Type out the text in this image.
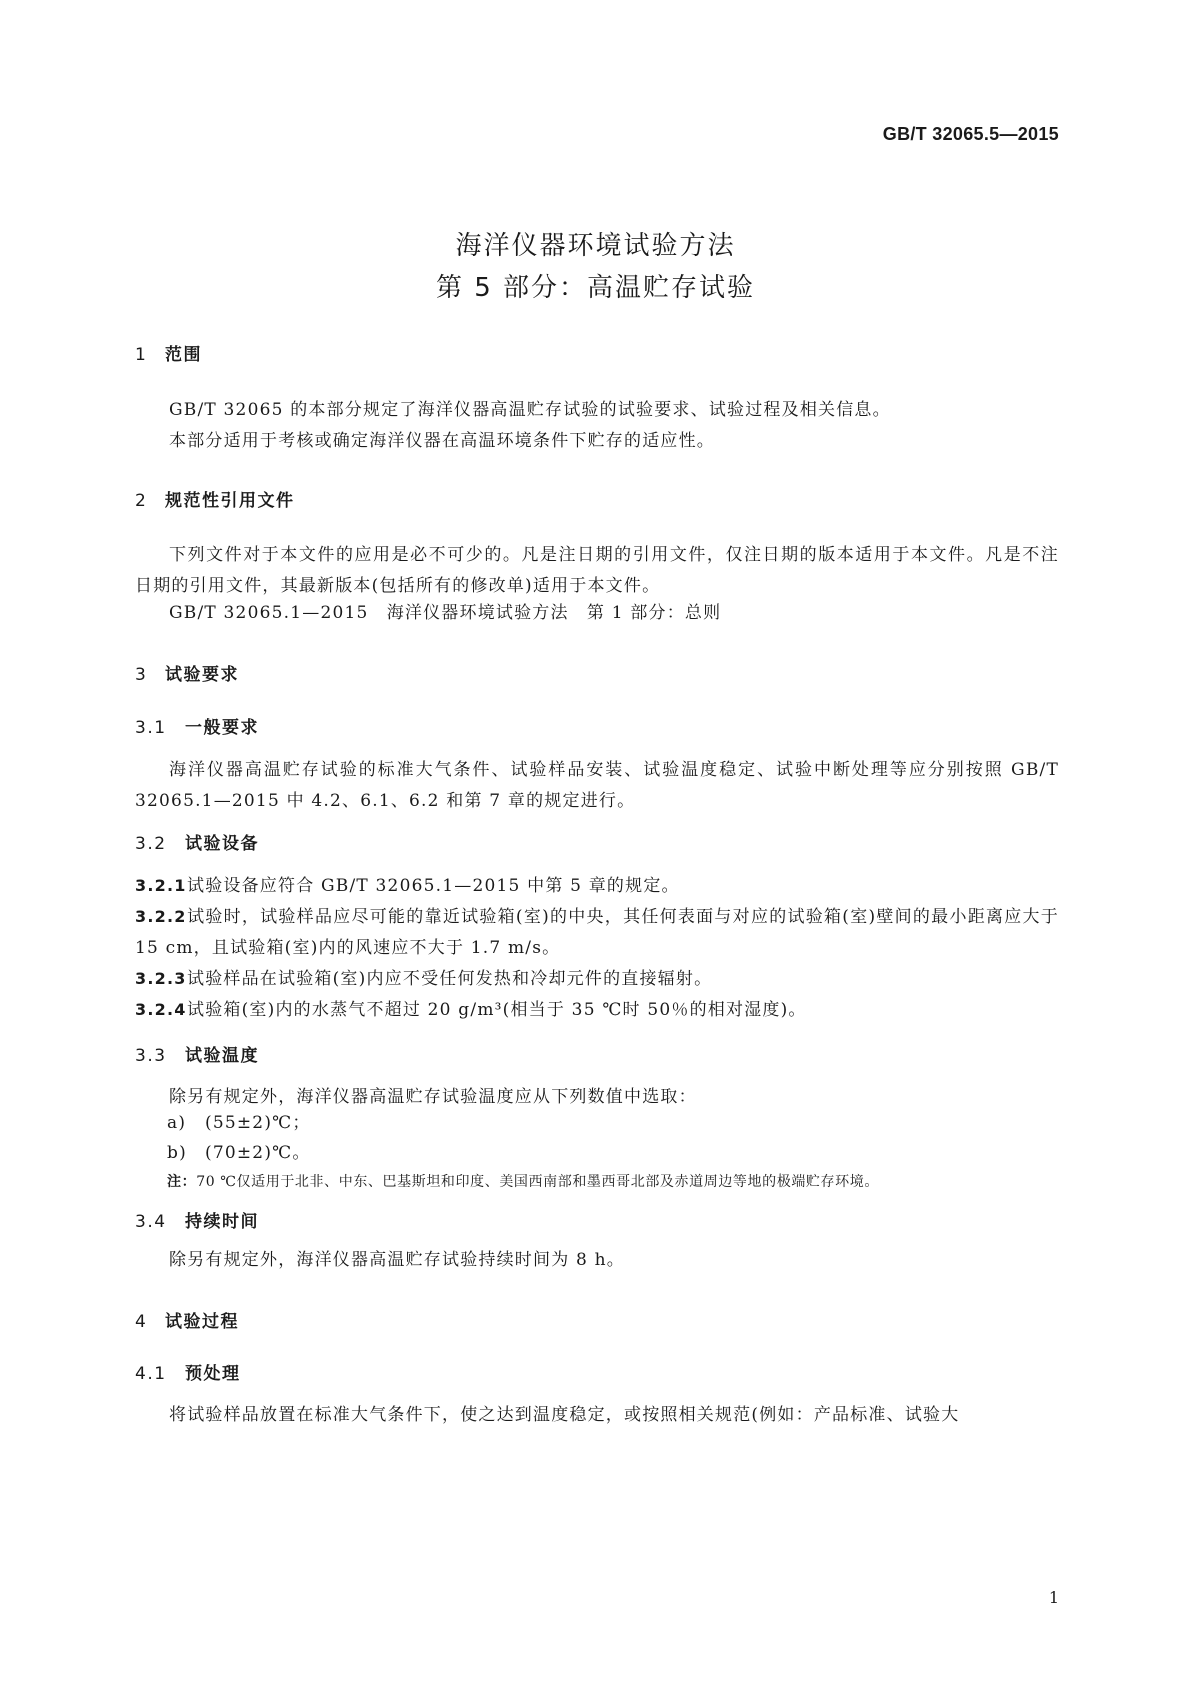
GB/T 32065.5—2015
海洋仪器环境试验方法
第 5 部分：高温贮存试验
1 范围
GB/T 32065 的本部分规定了海洋仪器高温贮存试验的试验要求、试验过程及相关信息。
本部分适用于考核或确定海洋仪器在高温环境条件下贮存的适应性。
2 规范性引用文件
下列文件对于本文件的应用是必不可少的。凡是注日期的引用文件，仅注日期的版本适用于本文件。凡是不注日期的引用文件，其最新版本(包括所有的修改单)适用于本文件。
GB/T 32065.1—2015　海洋仪器环境试验方法　第 1 部分：总则
3 试验要求
3.1 一般要求
海洋仪器高温贮存试验的标准大气条件、试验样品安装、试验温度稳定、试验中断处理等应分别按照 GB/T 32065.1—2015 中 4.2、6.1、6.2 和第 7 章的规定进行。
3.2 试验设备
3.2.1试验设备应符合 GB/T 32065.1—2015 中第 5 章的规定。
3.2.2试验时，试验样品应尽可能的靠近试验箱(室)的中央，其任何表面与对应的试验箱(室)壁间的最小距离应大于 15 cm，且试验箱(室)内的风速应不大于 1.7 m/s。
3.2.3试验样品在试验箱(室)内应不受任何发热和冷却元件的直接辐射。
3.2.4试验箱(室)内的水蒸气不超过 20 g/m³(相当于 35 ℃时 50％的相对湿度)。
3.3 试验温度
除另有规定外，海洋仪器高温贮存试验温度应从下列数值中选取：
a) (55±2)℃；
b) (70±2)℃。
注：70 ℃仅适用于北非、中东、巴基斯坦和印度、美国西南部和墨西哥北部及赤道周边等地的极端贮存环境。
3.4 持续时间
除另有规定外，海洋仪器高温贮存试验持续时间为 8 h。
4 试验过程
4.1 预处理
将试验样品放置在标准大气条件下，使之达到温度稳定，或按照相关规范(例如：产品标准、试验大
1
